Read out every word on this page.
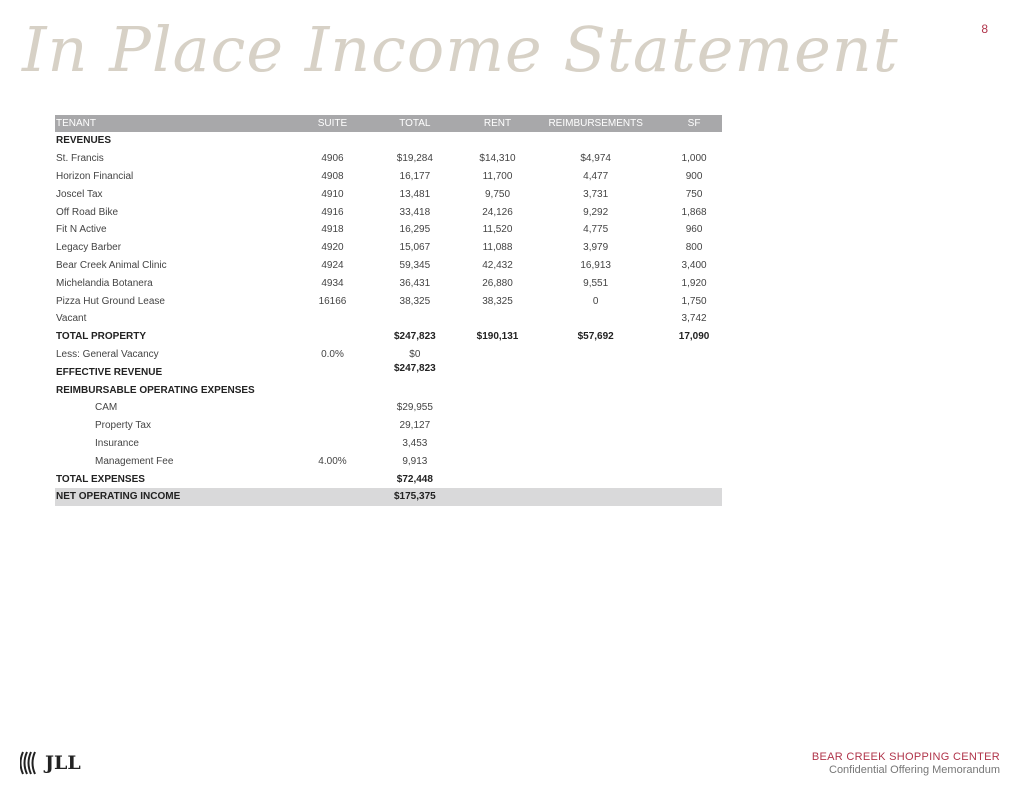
In Place Income Statement	8
TENANT	SUITE	TOTAL	RENT	REIMBURSEMENTS	SF
REVENUES					
St. Francis	4906	$19,284	$14,310	$4,974	1,000
Horizon Financial	4908	16,177	11,700	4,477	900
Joscel Tax	4910	13,481	9,750	3,731	750
Off Road Bike	4916	33,418	24,126	9,292	1,868
Fit N Active	4918	16,295	11,520	4,775	960
Legacy Barber	4920	15,067	11,088	3,979	800
Bear Creek Animal Clinic	4924	59,345	42,432	16,913	3,400
Michelandia Botanera	4934	36,431	26,880	9,551	1,920
Pizza Hut Ground Lease	16166	38,325	38,325	0	1,750
Vacant					3,742
TOTAL PROPERTY		$247,823	$190,131	$57,692	17,090
Less: General Vacancy	0.0%	$0			
EFFECTIVE REVENUE		$247,823			
REIMBURSABLE OPERATING EXPENSES					
CAM		$29,955			
Property Tax		29,127			
Insurance		3,453			
Management Fee	4.00%	9,913			
TOTAL EXPENSES		$72,448			
NET OPERATING INCOME		$175,375			
JLL	BEAR CREEK SHOPPING CENTER
Confidential Offering Memorandum
